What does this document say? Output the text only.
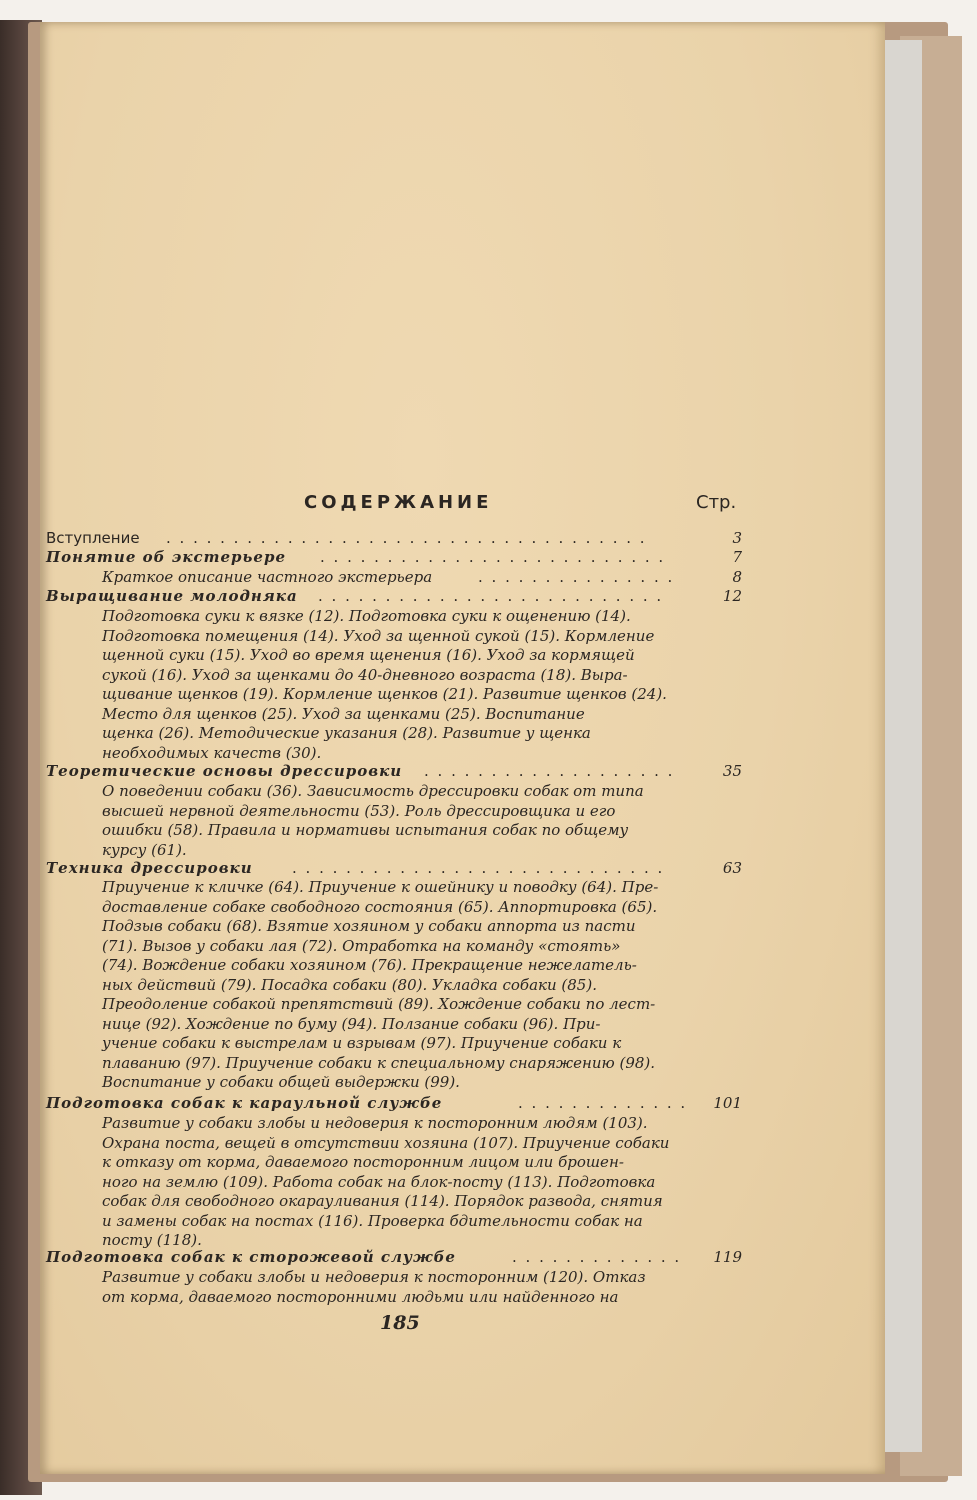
СОДЕРЖАНИЕ	Стр.
Вступление . . . . . . . . . . . . . . . . . . . . . . . . . . . . . . . . . . . .	3
Понятие об экстерьере . . . . . . . . . . . . . . . . . . . . . . . . . .	7
Краткое описание частного экстерьера	. . . . . . . . . . . . . . .	8
Выращивание молодняка . . . . . . . . . . . . . . . . . . . . . . . . . .	12

Подготовка суки к вязке (12). Подготовка суки к ощенению (14).

Подготовка помещения (14). Уход за щенной сукой (15). Кормление

щенной суки (15). Уход во время щенения (16). Уход за кормящей

сукой (16). Уход за щенками до 40-дневного возраста (18). Выра-

щивание щенков (19). Кормление щенков (21). Развитие щенков (24).

Место для щенков (25). Уход за щенками (25). Воспитание

щенка (26). Методические указания (28). Развитие у щенка

необходимых качеств (30).

Теоретические основы дрессировки . . . . . . . . . . . . . . . . . . .	35

О поведении собаки (36). Зависимость дрессировки собак от типа

высшей нервной деятельности (53). Роль дрессировщика и его

ошибки (58). Правила и нормативы испытания собак по общему

курсу (61).

Техника дрессировки	. . . . . . . . . . . . . . . . . . . . . . . . . . . .	63

Приучение к кличке (64). Приучение к ошейнику и поводку (64). Пре-

доставление собаке свободного состояния (65). Аппортировка (65).

Подзыв собаки (68). Взятие хозяином у собаки аппорта из пасти

(71). Вызов у собаки лая (72). Отработка на команду «стоять»

(74). Вождение собаки хозяином (76). Прекращение нежелатель-

ных действий (79). Посадка собаки (80). Укладка собаки (85).

Преодоление собакой препятствий (89). Хождение собаки по лест-

нице (92). Хождение по буму (94). Ползание собаки (96). При-

учение собаки к выстрелам и взрывам (97). Приучение собаки к

плаванию (97). Приучение собаки к специальному снаряжению (98).

Воспитание у собаки общей выдержки (99).

Подготовка собак к караульной службе	. . . . . . . . . . . . .	101

Развитие у собаки злобы и недоверия к посторонним людям (103).

Охрана поста, вещей в отсутствии хозяина (107). Приучение собаки

к отказу от корма, даваемого посторонним лицом или брошен-

ного на землю (109). Работа собак на блок-посту (113). Подготовка

собак для свободного окарауливания (114). Порядок развода, снятия

и замены собак на постах (116). Проверка бдительности собак на

посту (118).

Подготовка собак к сторожевой службе	. . . . . . . . . . . . .	119

Развитие у собаки злобы и недоверия к посторонним (120). Отказ

от корма, даваемого посторонними людьми или найденного на

185
